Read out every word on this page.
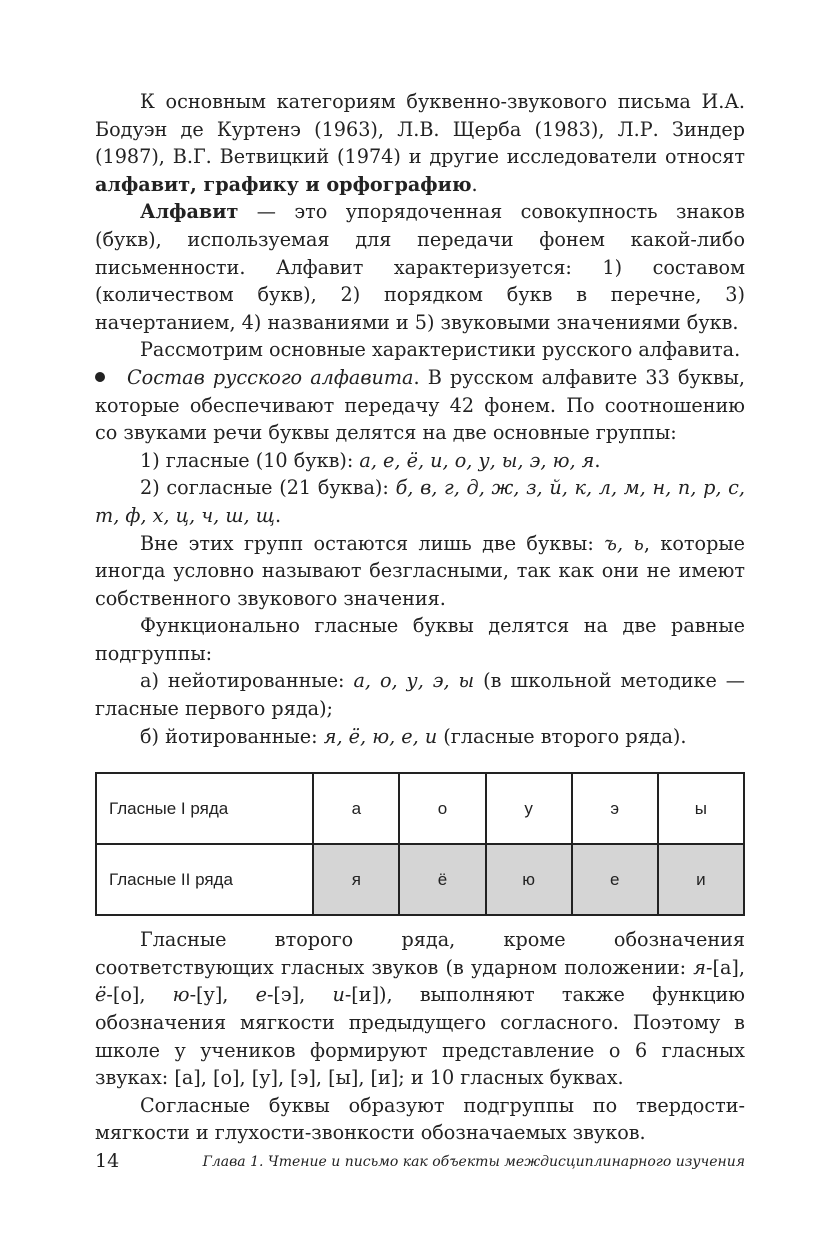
К основным категориям буквенно-звукового письма И.А. Бодуэн де Куртенэ (1963), Л.В. Щерба (1983), Л.Р. Зиндер (1987), В.Г. Ветвицкий (1974) и другие исследователи относят алфавит, графику и орфографию.

Алфавит — это упорядоченная совокупность знаков (букв), используемая для передачи фонем какой-либо письменности. Алфавит характеризуется: 1) составом (количеством букв), 2) порядком букв в перечне, 3) начертанием, 4) названиями и 5) звуковыми значениями букв.

Рассмотрим основные характеристики русского алфавита.

Состав русского алфавита. В русском алфавите 33 буквы, которые обеспечивают передачу 42 фонем. По соотношению со звуками речи буквы делятся на две основные группы:

1) гласные (10 букв): а, е, ё, и, о, у, ы, э, ю, я.

2) согласные (21 буква): б, в, г, д, ж, з, й, к, л, м, н, п, р, с, т, ф, х, ц, ч, ш, щ.

Вне этих групп остаются лишь две буквы: ъ, ь, которые иногда условно называют безгласными, так как они не имеют собственного звукового значения.

Функционально гласные буквы делятся на две равные подгруппы:

а) нейотированные: а, о, у, э, ы (в школьной методике — гласные первого ряда);

б) йотированные: я, ё, ю, е, и (гласные второго ряда).

Гласные I ряда	а	о	у	э	ы
Гласные II ряда	я	ё	ю	е	и

Гласные второго ряда, кроме обозначения соответствующих гласных звуков (в ударном положении: я-[а], ё-[о], ю-[у], е-[э], и-[и]), выполняют также функцию обозначения мягкости предыдущего согласного. Поэтому в школе у учеников формируют представление о 6 гласных звуках: [а], [о], [у], [э], [ы], [и]; и 10 гласных буквах.

Согласные буквы образуют подгруппы по твердости-мягкости и глухости-звонкости обозначаемых звуков.

14	Глава 1. Чтение и письмо как объекты междисциплинарного изучения
